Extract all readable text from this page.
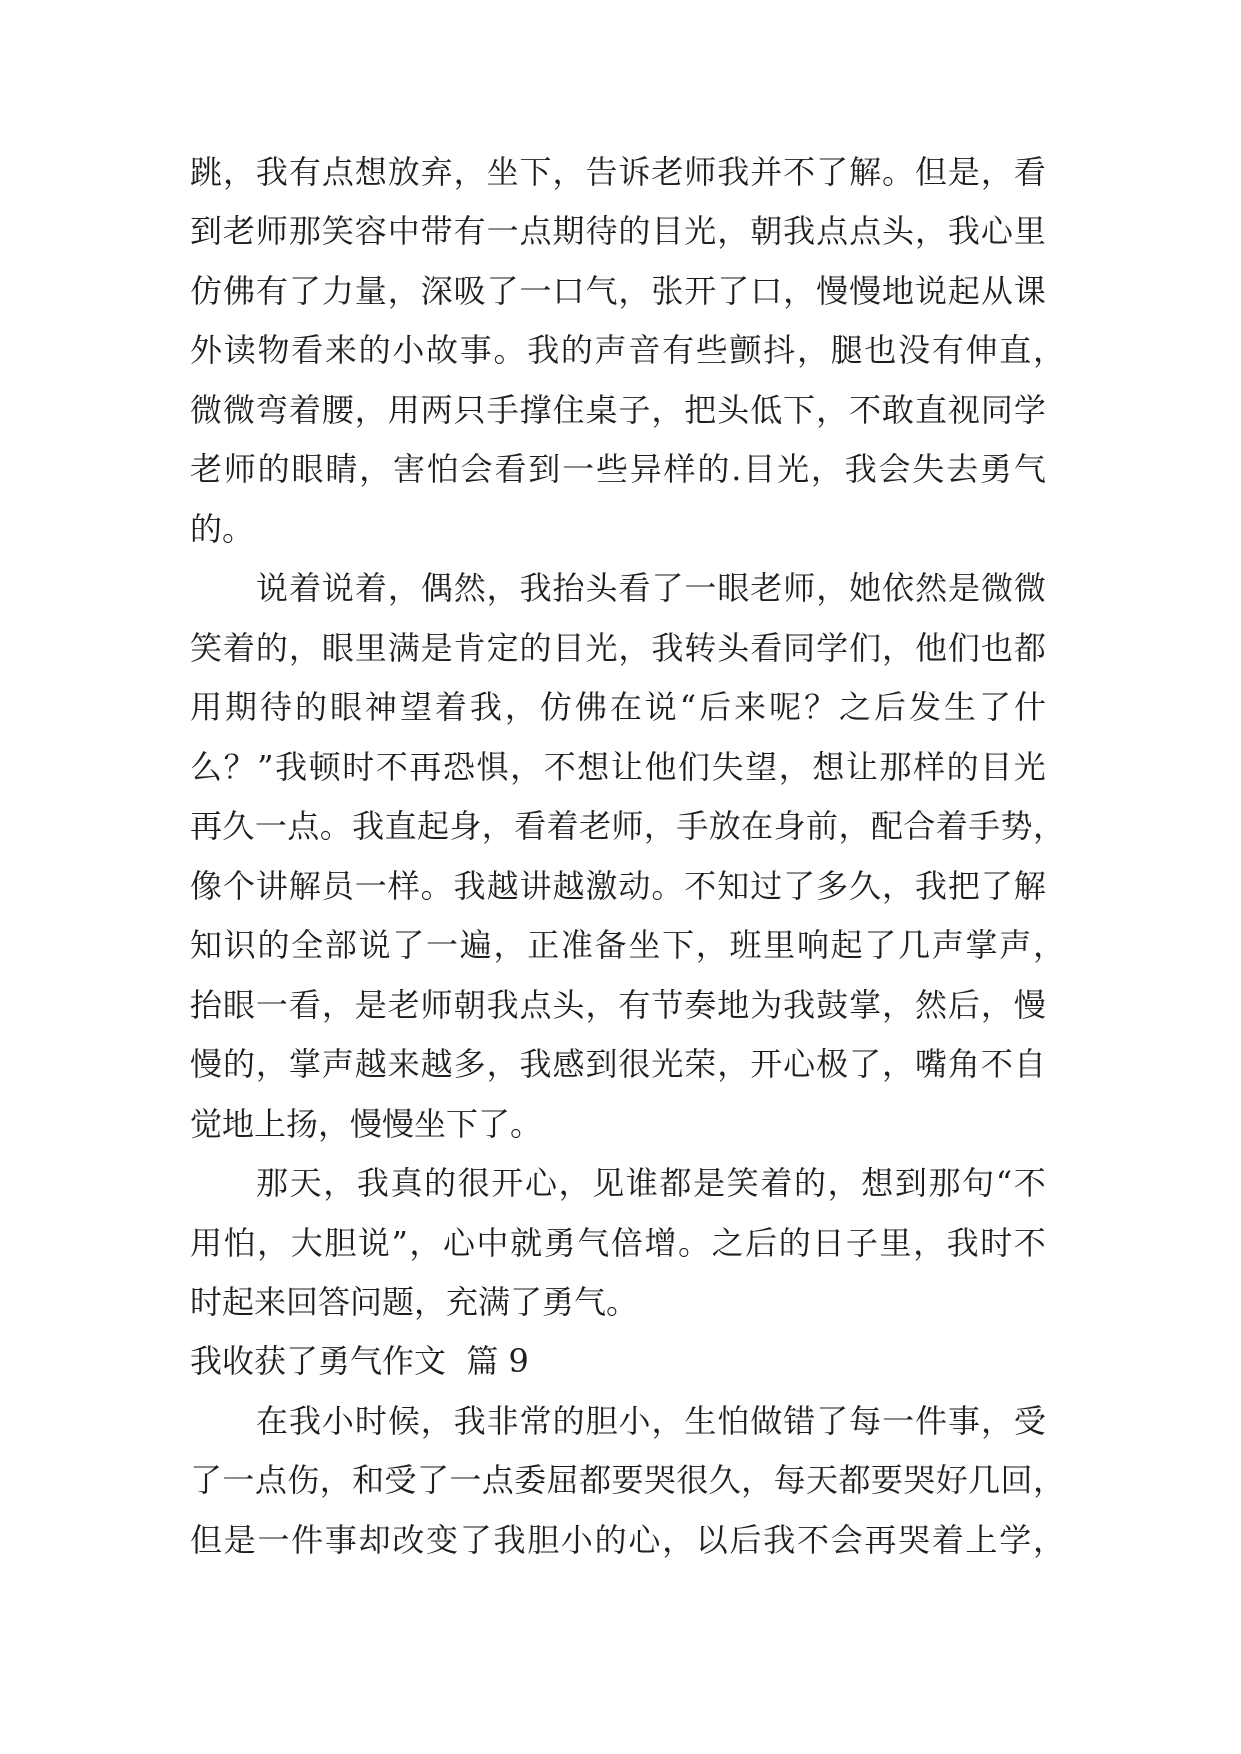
跳 ， 我 有 点 想 放 弃 ， 坐 下 ， 告 诉 老 师 我 并 不 了 解 。 但 是 ， 看
到 老 师 那 笑 容 中 带 有 一 点 期 待 的 目 光 ， 朝 我 点 点 头 ， 我 心 里
仿 佛 有 了 力 量 ， 深 吸 了 一 口 气 ， 张 开 了 口 ， 慢 慢 地 说 起 从 课
外 读 物 看 来 的 小 故 事 。 我 的 声 音 有 些 颤 抖 ， 腿 也 没 有 伸 直 ，
微 微 弯 着 腰 ， 用 两 只 手 撑 住 桌 子 ， 把 头 低 下 ， 不 敢 直 视 同 学
老 师 的 眼 睛 ， 害 怕 会 看 到 一 些 异 样 的 . 目 光 ， 我 会 失 去 勇 气
的。
说 着 说 着 ， 偶 然 ， 我 抬 头 看 了 一 眼 老 师 ， 她 依 然 是 微 微
笑 着 的 ， 眼 里 满 是 肯 定 的 目 光 ， 我 转 头 看 同 学 们 ， 他 们 也 都
用 期 待 的 眼 神 望 着 我 ， 仿 佛 在 说 “ 后 来 呢 ？ 之 后 发 生 了 什
么 ？ ” 我 顿 时 不 再 恐 惧 ， 不 想 让 他 们 失 望 ， 想 让 那 样 的 目 光
再 久 一 点 。 我 直 起 身 ， 看 着 老 师 ， 手 放 在 身 前 ， 配 合 着 手 势 ，
像 个 讲 解 员 一 样 。 我 越 讲 越 激 动 。 不 知 过 了 多 久 ， 我 把 了 解
知 识 的 全 部 说 了 一 遍 ， 正 准 备 坐 下 ， 班 里 响 起 了 几 声 掌 声 ，
抬 眼 一 看 ， 是 老 师 朝 我 点 头 ， 有 节 奏 地 为 我 鼓 掌 ， 然 后 ， 慢
慢 的 ， 掌 声 越 来 越 多 ， 我 感 到 很 光 荣 ， 开 心 极 了 ， 嘴 角 不 自
觉地上扬，慢慢坐下了。
那 天 ， 我 真 的 很 开 心 ， 见 谁 都 是 笑 着 的 ， 想 到 那 句 “ 不
用 怕 ， 大 胆 说 ” ， 心 中 就 勇 气 倍 增 。 之 后 的 日 子 里 ， 我 时 不
时起来回答问题，充满了勇气。
我收获了勇气作文  篇 9
在 我 小 时 候 ， 我 非 常 的 胆 小 ， 生 怕 做 错 了 每 一 件 事 ， 受
了 一 点 伤 ， 和 受 了 一 点 委 屈 都 要 哭 很 久 ， 每 天 都 要 哭 好 几 回 ，
但 是 一 件 事 却 改 变 了 我 胆 小 的 心 ， 以 后 我 不 会 再 哭 着 上 学 ，
